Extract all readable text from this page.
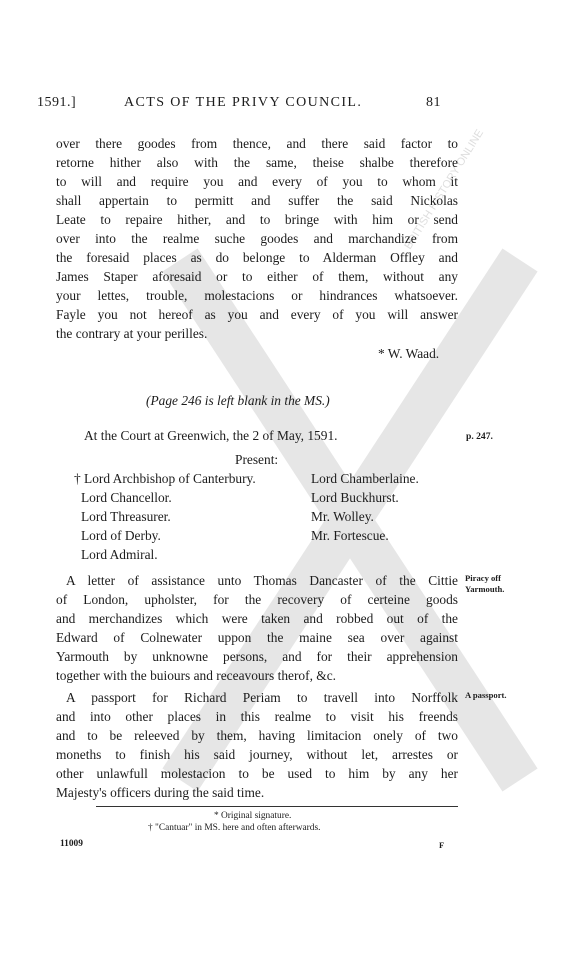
BRITISH HISTORY ONLINE
1591.]	ACTS OF THE PRIVY COUNCIL.	81
over there goodes from thence, and there said factor to
retorne hither also with the same, theise shalbe therefore
to will and require you and every of you to whom it
shall appertain to permitt and suffer the said Nickolas
Leate to repaire hither, and to bringe with him or send
over into the realme suche goodes and marchandize from
the foresaid places as do belonge to Alderman Offley and
James Staper aforesaid or to either of them, without any
your lettes, trouble, molestacions or hindrances whatsoever.
Fayle you not hereof as you and every of you will answer
the contrary at your perilles.
* W. Waad.
(Page 246 is left blank in the MS.)
At the Court at Greenwich, the 2 of May, 1591.	p. 247.
Present:
† Lord Archbishop of Canterbury.
Lord Chancellor.
Lord Threasurer.
Lord of Derby.
Lord Admiral.
Lord Chamberlaine.
Lord Buckhurst.
Mr. Wolley.
Mr. Fortescue.
Piracy off
Yarmouth.
A letter of assistance unto Thomas Dancaster of the Cittie
of London, upholster, for the recovery of certeine goods
and merchandizes which were taken and robbed out of the
Edward of Colnewater uppon the maine sea over against
Yarmouth by unknowne persons, and for their apprehension
together with the buiours and receavours therof, &c.
A passport.
A passport for Richard Periam to travell into Norffolk
and into other places in this realme to visit his freends
and to be releeved by them, having limitacion onely of two
moneths to finish his said journey, without let, arrestes or
other unlawfull molestacion to be used to him by any her
Majesty's officers during the said time.
* Original signature.
† "Cantuar" in MS. here and often afterwards.
11009	F
